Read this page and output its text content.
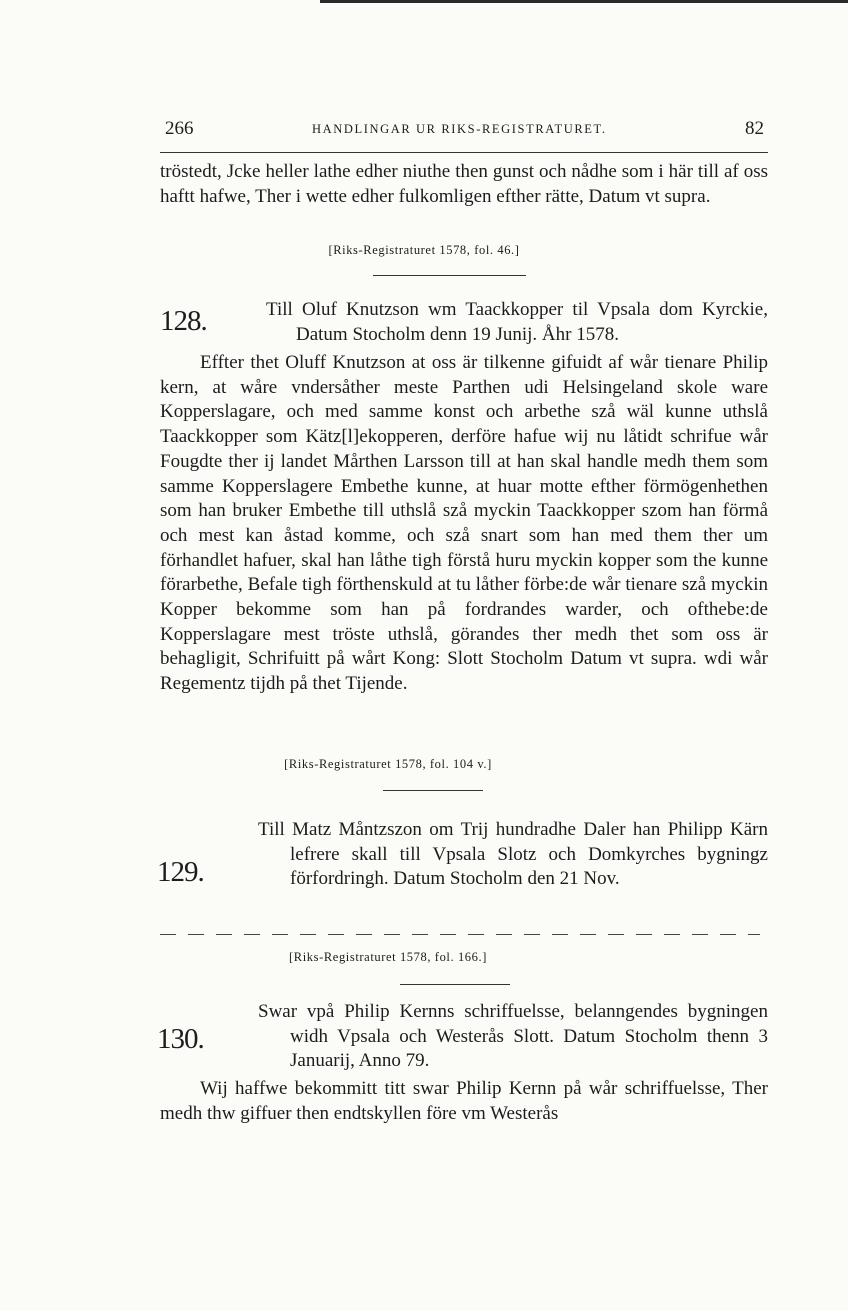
266	HANDLINGAR UR RIKS-REGISTRATURET.	82
tröstedt, Jcke heller lathe edher niuthe then gunst och nådhe som i här till af oss haftt hafwe, Ther i wette edher fulkomligen efther rätte, Datum vt supra.
[Riks-Registraturet 1578, fol. 46.]
128.	Till Oluf Knutzson wm Taackkopper til Vpsala dom Kyrckie, Datum Stocholm denn 19 Junij. Åhr 1578.
Effter thet Oluff Knutzson at oss är tilkenne gifuidt af wår tienare Philip kern, at wåre vndersåther meste Parthen udi Helsingeland skole ware Kopperslagare, och med samme konst och arbethe szå wäl kunne uthslå Taackkopper som Kätz[l]ekopperen, derföre hafue wij nu låtidt schrifue wår Fougdte ther ij landet Mårthen Larsson till at han skal handle medh them som samme Kopperslagere Embethe kunne, at huar motte efther förmögenhethen som han bruker Embethe till uthslå szå myckin Taackkopper szom han förmå och mest kan åstad komme, och szå snart som han med them ther um förhandlet hafuer, skal han låthe tigh förstå huru myckin kopper som the kunne förarbethe, Befale tigh förthenskuld at tu låther förbe:de wår tienare szå myckin Kopper bekomme som han på fordrandes warder, och ofthebe:de Kopperslagare mest tröste uthslå, görandes ther medh thet som oss är behagligit, Schrifuitt på wårt Kong: Slott Stocholm Datum vt supra. wdi wår Regementz tijdh på thet Tijende.
[Riks-Registraturet 1578, fol. 104 v.]
129.
Till Matz Måntzszon om Trij hundradhe Daler han Philipp Kärn lefrere skall till Vpsala Slotz och Domkyrches bygningz förfordringh. Datum Stocholm den 21 Nov.
[Riks-Registraturet 1578, fol. 166.]
130.
Swar vpå Philip Kernns schriffuelsse, belanngendes bygningen widh Vpsala och Westerås Slott. Datum Stocholm thenn 3 Januarij, Anno 79.
Wij haffwe bekommitt titt swar Philip Kernn på wår schriffuelsse, Ther medh thw giffuer then endtskyllen före vm Westerås
